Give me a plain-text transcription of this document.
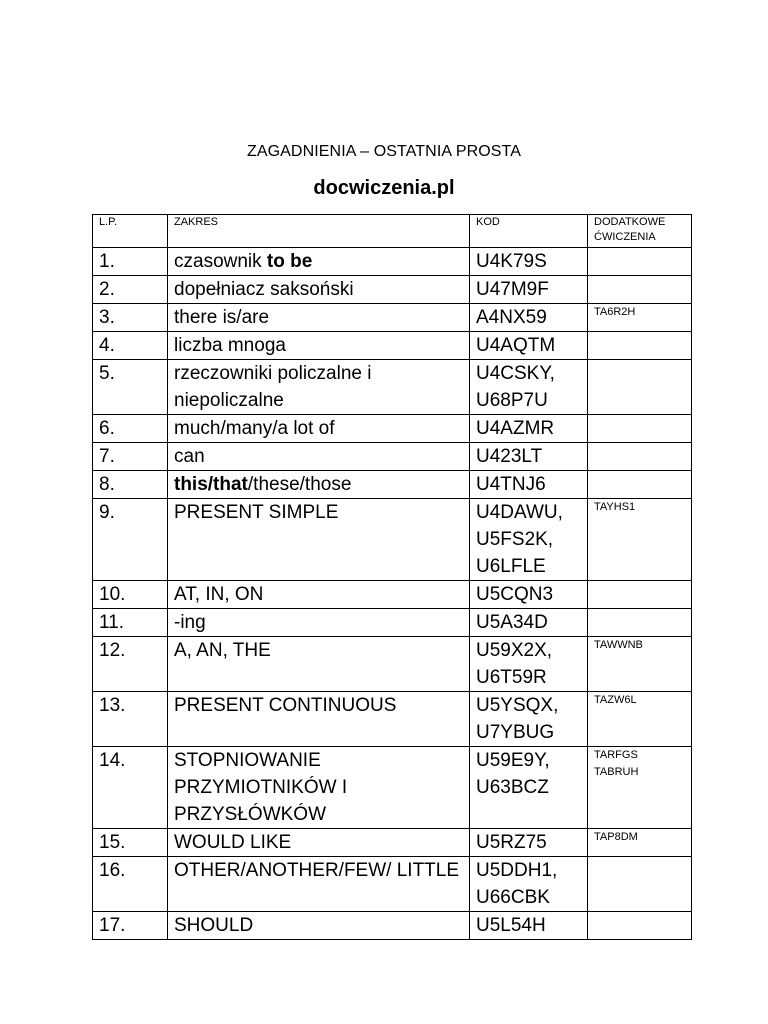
ZAGADNIENIA – OSTATNIA PROSTA
docwiczenia.pl
L.P.	ZAKRES	KOD	DODATKOWE
ĆWICZENIA
1.	czasownik to be	U4K79S	
2.	dopełniacz saksoński	U47M9F	
3.	there is/are	A4NX59	TA6R2H
4.	liczba mnoga	U4AQTM	
5.	rzeczowniki policzalne i niepoliczalne	U4CSKY, U68P7U	
6.	much/many/a lot of	U4AZMR	
7.	can	U423LT	
8.	this/that/these/those	U4TNJ6	
9.	PRESENT SIMPLE	U4DAWU, U5FS2K, U6LFLE	TAYHS1
10.	AT, IN, ON	U5CQN3	
11.	-ing	U5A34D	
12.	A, AN, THE	U59X2X, U6T59R	TAWWNB
13.	PRESENT CONTINUOUS	U5YSQX, U7YBUG	TAZW6L
14.	STOPNIOWANIE PRZYMIOTNIKÓW I PRZYSŁÓWKÓW	U59E9Y, U63BCZ	TARFGS TABRUH
15.	WOULD LIKE	U5RZ75	TAP8DM
16.	OTHER/ANOTHER/FEW/ LITTLE	U5DDH1, U66CBK	
17.	SHOULD	U5L54H	
